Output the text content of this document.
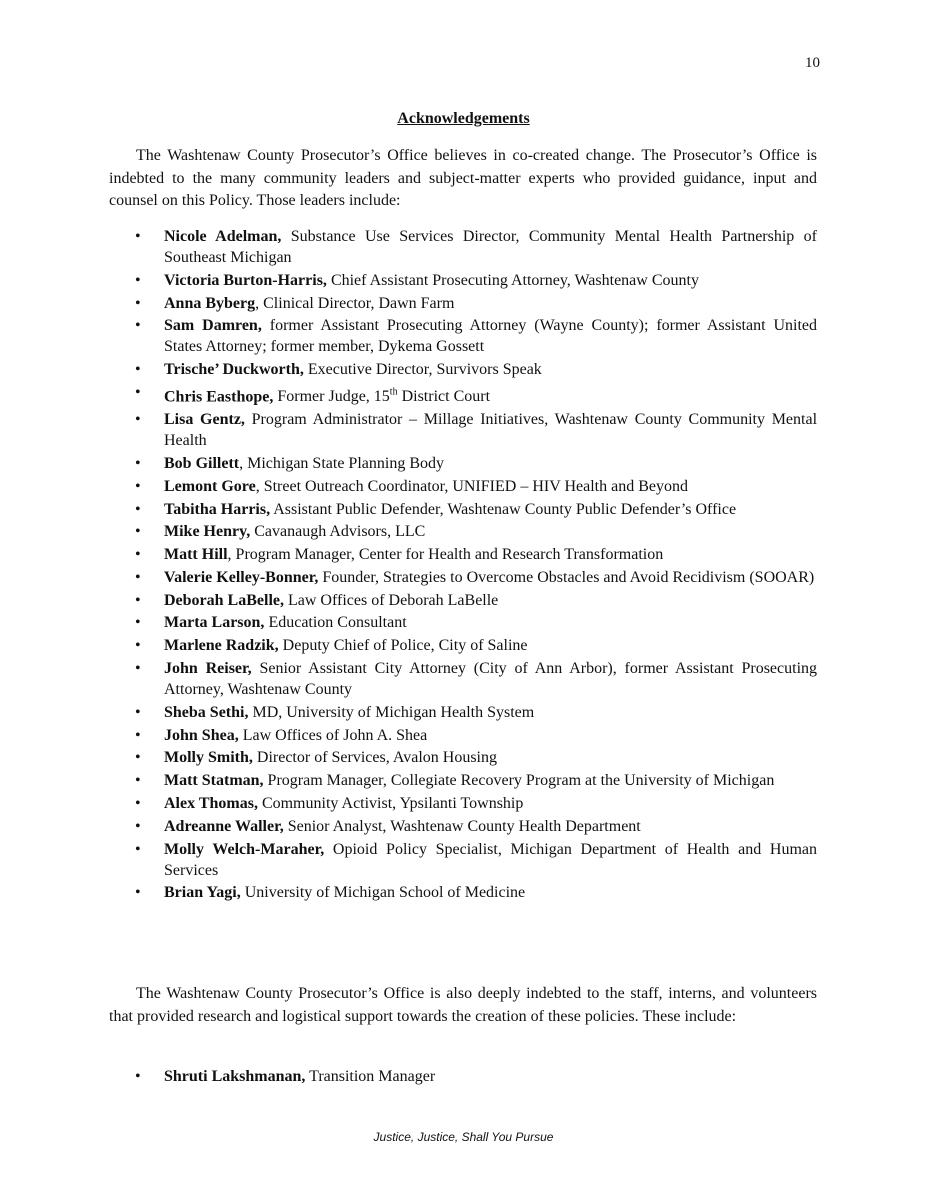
10
Acknowledgements

The Washtenaw County Prosecutor’s Office believes in co-created change. The Prosecutor’s Office is indebted to the many community leaders and subject-matter experts who provided guidance, input and counsel on this Policy. Those leaders include:

• Nicole Adelman, Substance Use Services Director, Community Mental Health Partnership of Southeast Michigan
• Victoria Burton-Harris, Chief Assistant Prosecuting Attorney, Washtenaw County
• Anna Byberg, Clinical Director, Dawn Farm
• Sam Damren, former Assistant Prosecuting Attorney (Wayne County); former Assistant United States Attorney; former member, Dykema Gossett
• Trische’ Duckworth, Executive Director, Survivors Speak
• Chris Easthope, Former Judge, 15th District Court
• Lisa Gentz, Program Administrator – Millage Initiatives, Washtenaw County Community Mental Health
• Bob Gillett, Michigan State Planning Body
• Lemont Gore, Street Outreach Coordinator, UNIFIED – HIV Health and Beyond
• Tabitha Harris, Assistant Public Defender, Washtenaw County Public Defender’s Office
• Mike Henry, Cavanaugh Advisors, LLC
• Matt Hill, Program Manager, Center for Health and Research Transformation
• Valerie Kelley-Bonner, Founder, Strategies to Overcome Obstacles and Avoid Recidivism (SOOAR)
• Deborah LaBelle, Law Offices of Deborah LaBelle
• Marta Larson, Education Consultant
• Marlene Radzik, Deputy Chief of Police, City of Saline
• John Reiser, Senior Assistant City Attorney (City of Ann Arbor), former Assistant Prosecuting Attorney, Washtenaw County
• Sheba Sethi, MD, University of Michigan Health System
• John Shea, Law Offices of John A. Shea
• Molly Smith, Director of Services, Avalon Housing
• Matt Statman, Program Manager, Collegiate Recovery Program at the University of Michigan
• Alex Thomas, Community Activist, Ypsilanti Township
• Adreanne Waller, Senior Analyst, Washtenaw County Health Department
• Molly Welch-Maraher, Opioid Policy Specialist, Michigan Department of Health and Human Services
• Brian Yagi, University of Michigan School of Medicine

The Washtenaw County Prosecutor’s Office is also deeply indebted to the staff, interns, and volunteers that provided research and logistical support towards the creation of these policies. These include:

• Shruti Lakshmanan, Transition Manager
Justice, Justice, Shall You Pursue
